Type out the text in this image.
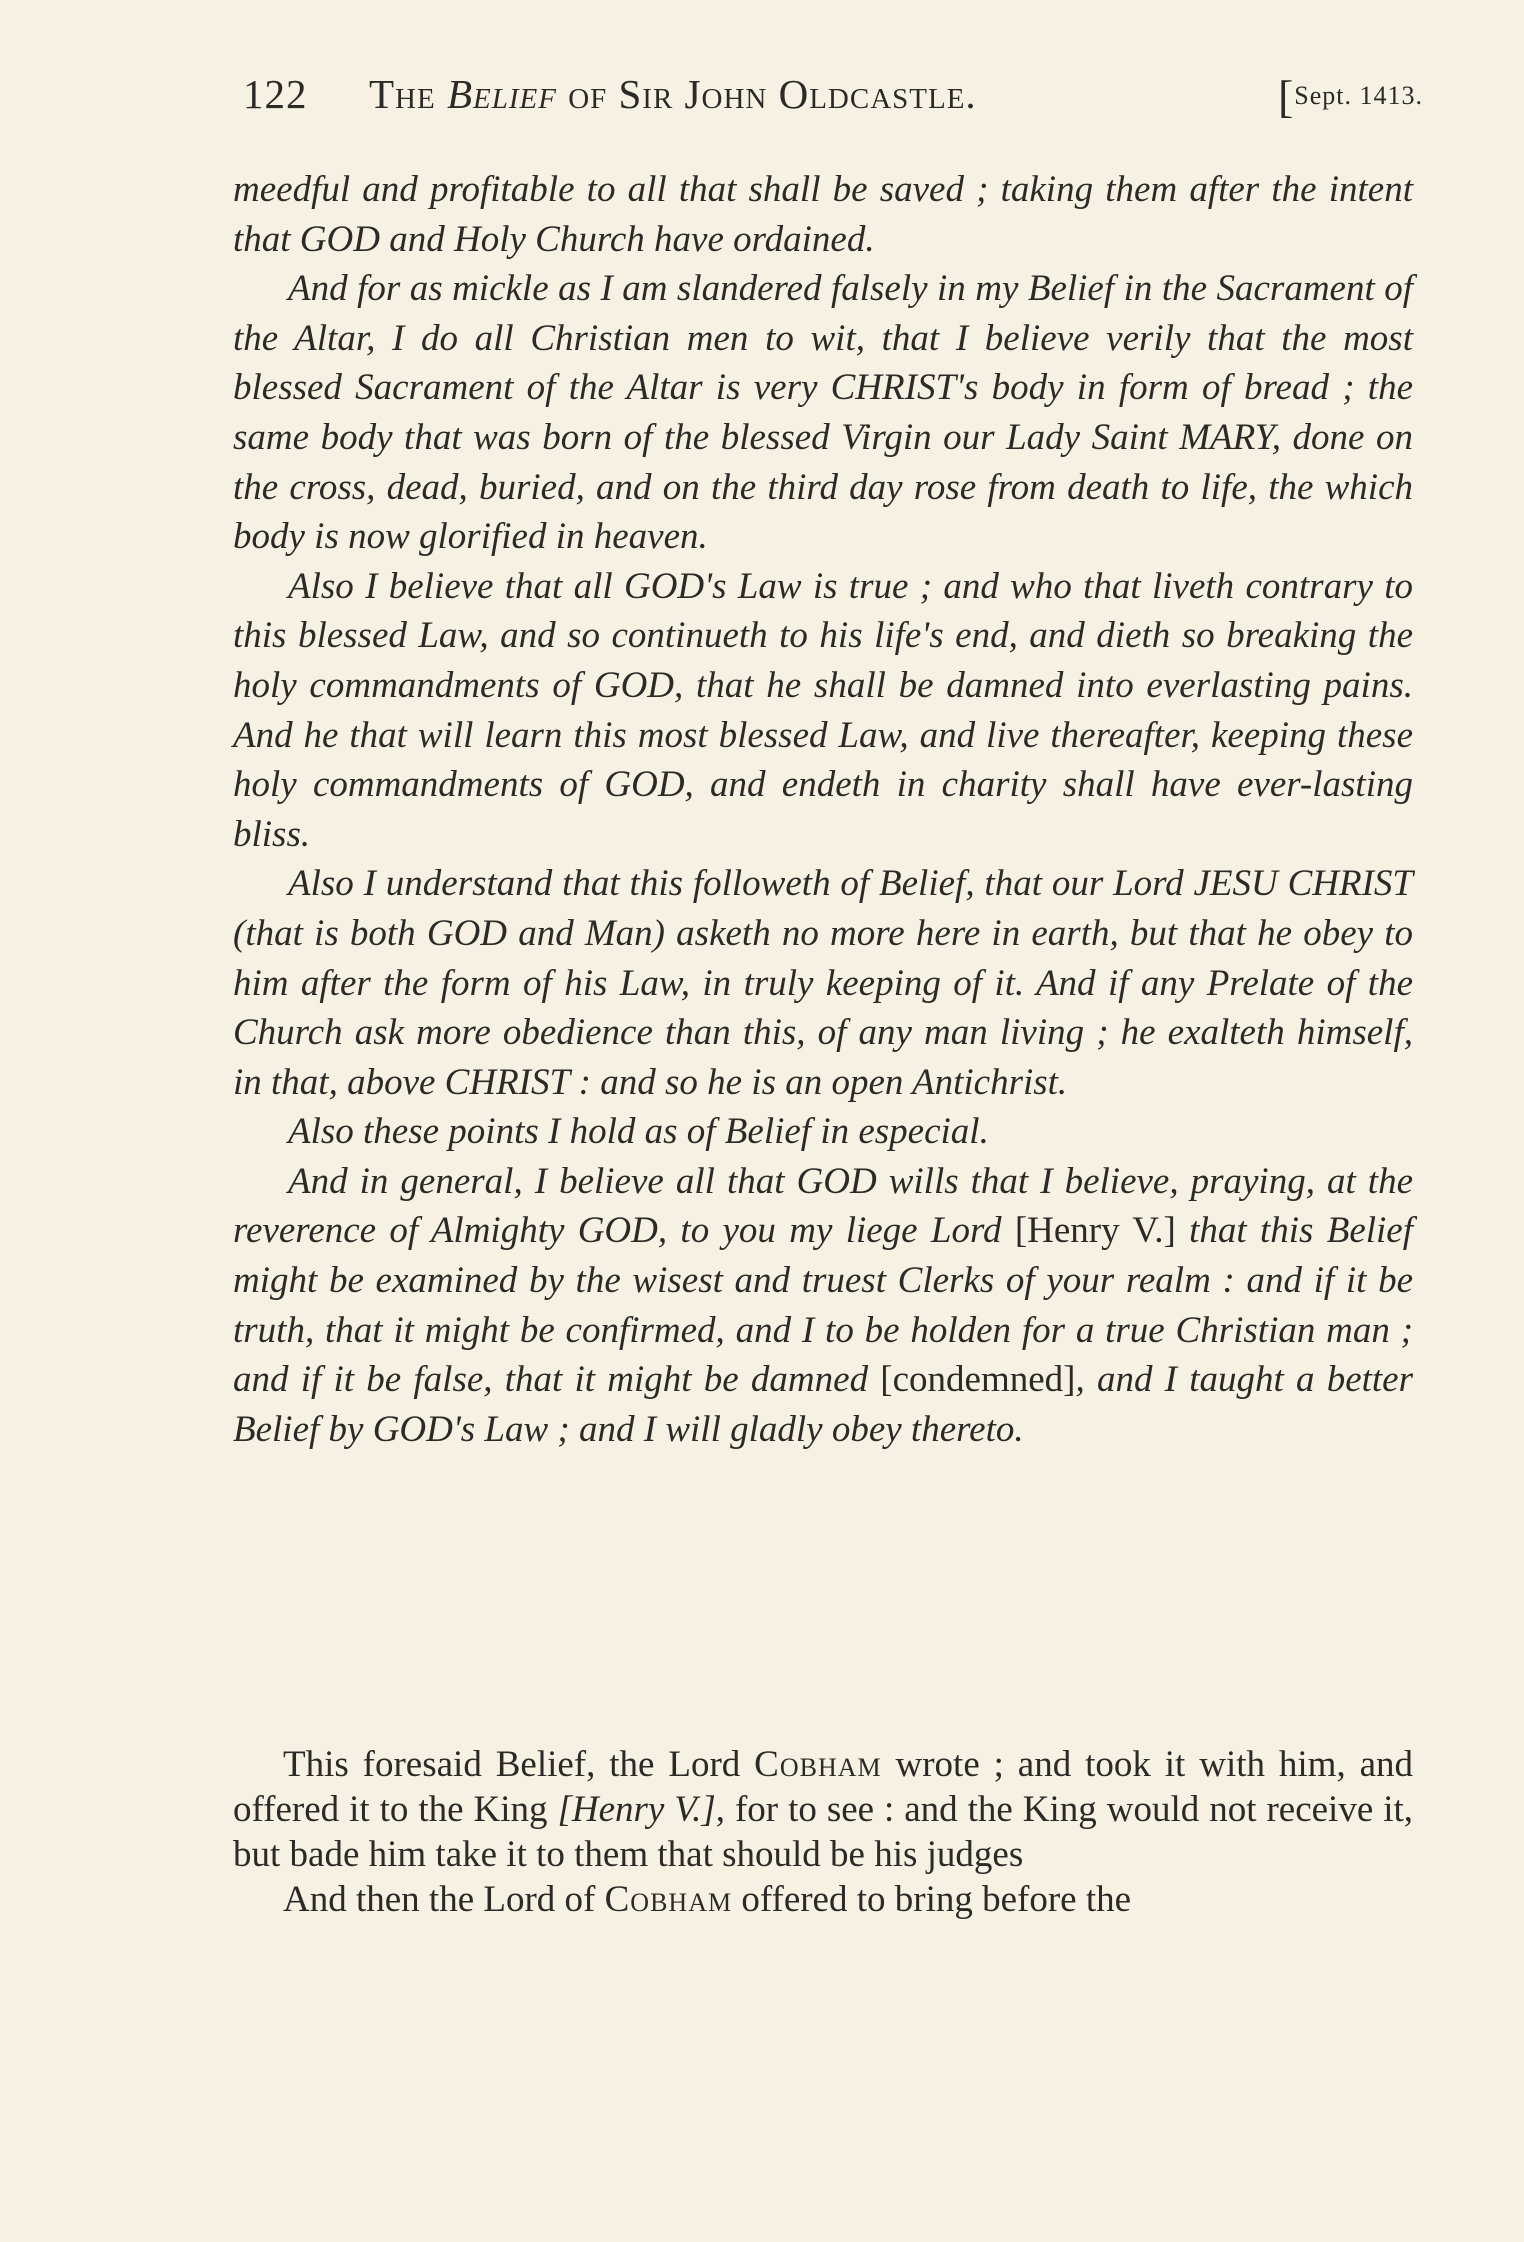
122 The Belief of Sir John Oldcastle.	[Sept. 1413.

meedful and profitable to all that shall be saved ; taking them after the intent that GOD and Holy Church have ordained.

And for as mickle as I am slandered falsely in my Belief in the Sacrament of the Altar, I do all Christian men to wit, that I believe verily that the most blessed Sacrament of the Altar is very CHRIST's body in form of bread ; the same body that was born of the blessed Virgin our Lady Saint MARY, done on the cross, dead, buried, and on the third day rose from death to life, the which body is now glorified in heaven.

Also I believe that all GOD's Law is true ; and who that liveth contrary to this blessed Law, and so continueth to his life's end, and dieth so breaking the holy commandments of GOD, that he shall be damned into everlasting pains. And he that will learn this most blessed Law, and live thereafter, keeping these holy commandments of GOD, and endeth in charity shall have ever-lasting bliss.

Also I understand that this followeth of Belief, that our Lord JESU CHRIST (that is both GOD and Man) asketh no more here in earth, but that he obey to him after the form of his Law, in truly keeping of it. And if any Prelate of the Church ask more obedience than this, of any man living ; he exalteth himself, in that, above CHRIST : and so he is an open Antichrist.

Also these points I hold as of Belief in especial.

And in general, I believe all that GOD wills that I believe, praying, at the reverence of Almighty GOD, to you my liege Lord [Henry V.] that this Belief might be examined by the wisest and truest Clerks of your realm : and if it be truth, that it might be confirmed, and I to be holden for a true Christian man ; and if it be false, that it might be damned [condemned], and I taught a better Belief by GOD's Law ; and I will gladly obey thereto.

This foresaid Belief, the Lord Cobham wrote ; and took it with him, and offered it to the King [Henry V.], for to see : and the King would not receive it, but bade him take it to them that should be his judges

And then the Lord of Cobham offered to bring before the
